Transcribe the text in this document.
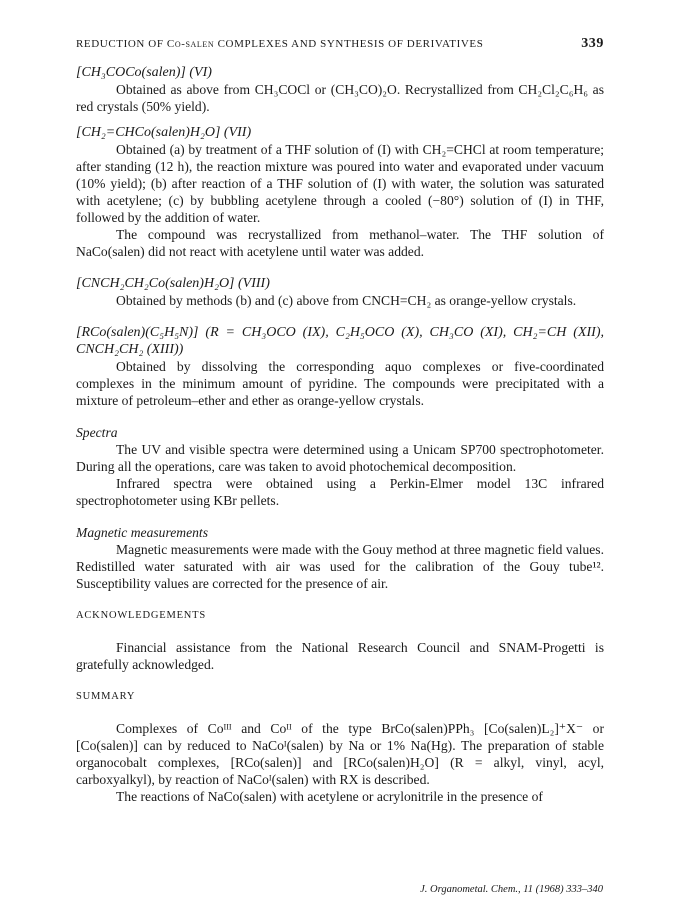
REDUCTION OF Co-salen COMPLEXES AND SYNTHESIS OF DERIVATIVES	339

[CH₃COCo(salen)] (VI)

Obtained as above from CH₃COCl or (CH₃CO)₂O. Recrystallized from CH₂Cl₂C₆H₆ as red crystals (50% yield).

[CH₂=CHCo(salen)H₂O] (VII)

Obtained (a) by treatment of a THF solution of (I) with CH₂=CHCl at room temperature; after standing (12 h), the reaction mixture was poured into water and evaporated under vacuum (10% yield); (b) after reaction of a THF solution of (I) with water, the solution was saturated with acetylene; (c) by bubbling acetylene through a cooled (−80°) solution of (I) in THF, followed by the addition of water.

The compound was recrystallized from methanol–water. The THF solution of NaCo(salen) did not react with acetylene until water was added.

[CNCH₂CH₂Co(salen)H₂O] (VIII)

Obtained by methods (b) and (c) above from CNCH=CH₂ as orange-yellow crystals.

[RCo(salen)(C₅H₅N)] (R = CH₃OCO (IX), C₂H₅OCO (X), CH₃CO (XI), CH₂=CH (XII), CNCH₂CH₂ (XIII))

Obtained by dissolving the corresponding aquo complexes or five-coordinated complexes in the minimum amount of pyridine. The compounds were precipitated with a mixture of petroleum–ether and ether as orange-yellow crystals.

Spectra

The UV and visible spectra were determined using a Unicam SP700 spectrophotometer. During all the operations, care was taken to avoid photochemical decomposition.

Infrared spectra were obtained using a Perkin-Elmer model 13C infrared spectrophotometer using KBr pellets.

Magnetic measurements

Magnetic measurements were made with the Gouy method at three magnetic field values. Redistilled water saturated with air was used for the calibration of the Gouy tube¹². Susceptibility values are corrected for the presence of air.

ACKNOWLEDGEMENTS

Financial assistance from the National Research Council and SNAM-Progetti is gratefully acknowledged.

SUMMARY

Complexes of Coᴵᴵᴵ and Coᴵᴵ of the type BrCo(salen)PPh₃ [Co(salen)L₂]⁺X⁻ or [Co(salen)] can by reduced to NaCoᴵ(salen) by Na or 1% Na(Hg). The preparation of stable organocobalt complexes, [RCo(salen)] and [RCo(salen)H₂O] (R = alkyl, vinyl, acyl, carboxyalkyl), by reaction of NaCoᴵ(salen) with RX is described.

The reactions of NaCo(salen) with acetylene or acrylonitrile in the presence of

J. Organometal. Chem., 11 (1968) 333–340
